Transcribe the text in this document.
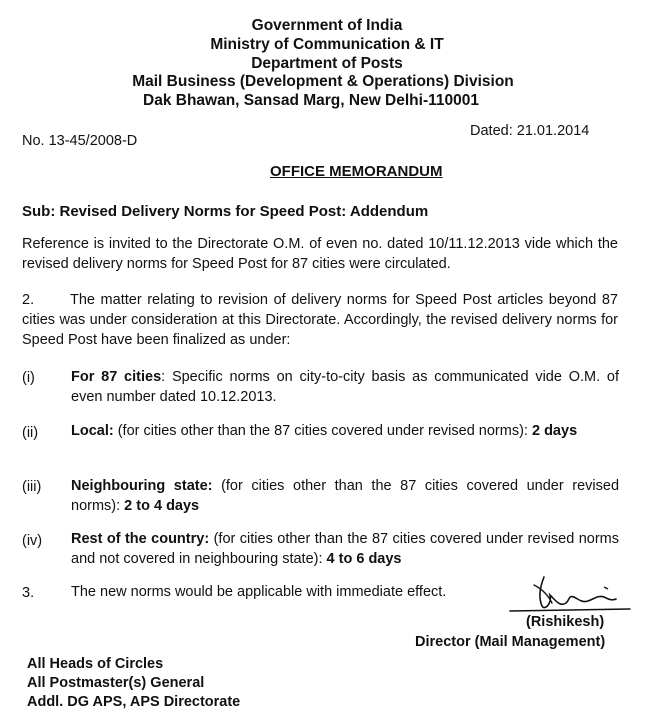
Government of India
Ministry of Communication & IT
Department of Posts
Mail Business (Development & Operations) Division
Dak Bhawan, Sansad Marg, New Delhi-110001
No. 13-45/2008-D
Dated: 21.01.2014
OFFICE MEMORANDUM
Sub: Revised Delivery Norms for Speed Post: Addendum
Reference is invited to the Directorate O.M. of even no. dated 10/11.12.2013 vide which the revised delivery norms for Speed Post for 87 cities were circulated.
2. The matter relating to revision of delivery norms for Speed Post articles beyond 87 cities was under consideration at this Directorate. Accordingly, the revised delivery norms for Speed Post have been finalized as under:
(i) For 87 cities: Specific norms on city-to-city basis as communicated vide O.M. of even number dated 10.12.2013.
(ii) Local: (for cities other than the 87 cities covered under revised norms): 2 days
(iii) Neighbouring state: (for cities other than the 87 cities covered under revised norms): 2 to 4 days
(iv) Rest of the country: (for cities other than the 87 cities covered under revised norms and not covered in neighbouring state): 4 to 6 days
3.	The new norms would be applicable with immediate effect.
(Rishikesh)
Director (Mail Management)
All Heads of Circles
All Postmaster(s) General
Addl. DG APS, APS Directorate
